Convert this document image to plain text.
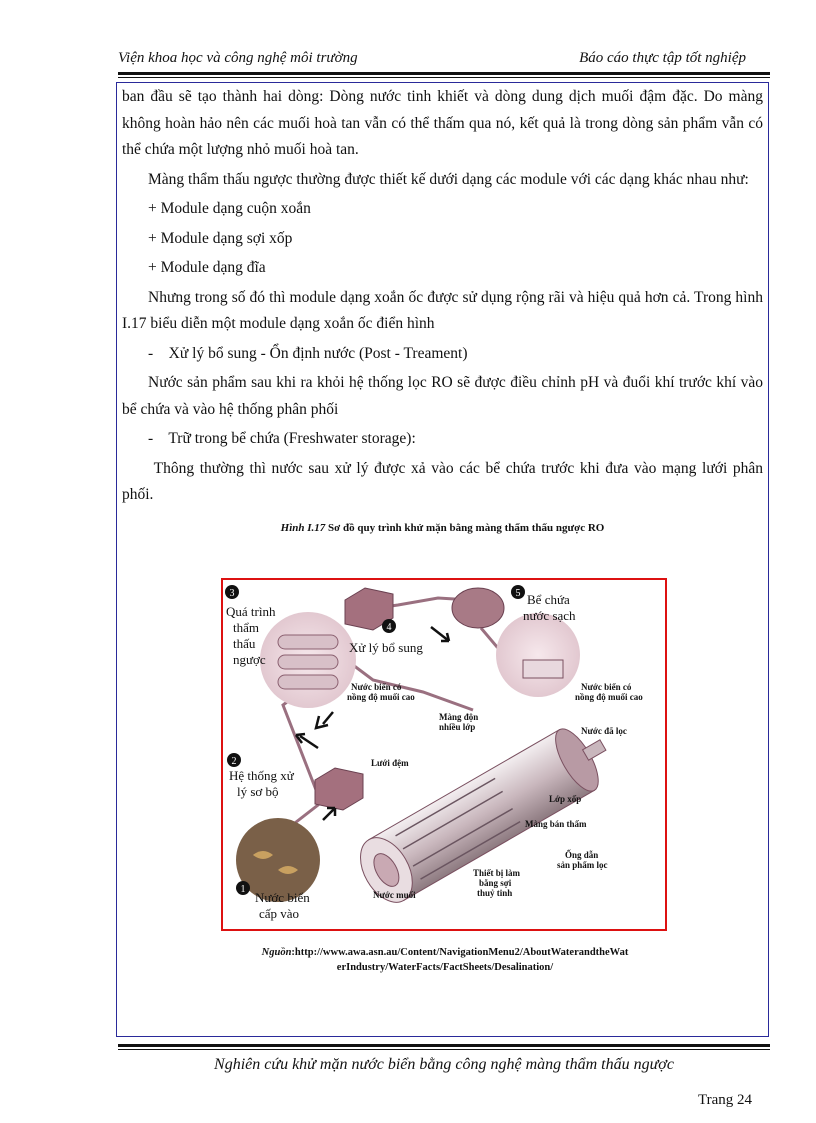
Viện khoa học và công nghệ môi trường	Báo cáo thực tập tốt nghiệp

ban đầu sẽ tạo thành hai dòng: Dòng nước tinh khiết và dòng dung dịch muối đậm đặc. Do màng không hoàn hảo nên các muối hoà tan vẫn có thể thấm qua nó, kết quả là trong dòng sản phẩm vẫn có thể chứa một lượng nhỏ muối hoà tan.

Màng thẩm thấu ngược thường được thiết kế dưới dạng các module với các dạng khác nhau như:

+ Module dạng cuộn xoắn

+ Module dạng sợi xốp

+ Module dạng đĩa

Nhưng trong số đó thì module dạng xoắn ốc được sử dụng rộng rãi và hiệu quả hơn cả. Trong hình I.17 biểu diễn một module dạng xoắn ốc điển hình

-    Xử lý bổ sung - Ổn định nước (Post - Treament)

Nước sản phẩm sau khi ra khỏi hệ thống lọc RO sẽ được điều chỉnh pH và đuổi khí trước khí vào bể chứa và vào hệ thống phân phối

-    Trữ trong bể chứa (Freshwater storage):

Thông thường thì nước sau xử lý được xả vào các bể chứa trước khi đưa vào mạng lưới phân phối.

Hình I.17 Sơ đồ quy trình khử mặn bằng màng thẩm thấu ngược RO
3
4
5
2
1
Quá trình
thẩm
thấu
ngược
Xử lý bổ sung
Bể chứa
nước sạch
Hệ thống xử
lý sơ bộ
Nước biển
cấp vào
Nước biển có
nồng độ muối cao
Nước biển có
nồng độ muối cao
Nước đã lọc
Màng độn
nhiều lớp
Lưới đệm
Lớp xốp
Màng bán thấm
Ống dẫn
sản phẩm lọc
Thiết bị làm
bằng sợi
thuỷ tinh
Nước muối
Nguồn:http://www.awa.asn.au/Content/NavigationMenu2/AboutWaterandtheWat
erIndustry/WaterFacts/FactSheets/Desalination/
Nghiên cứu khử mặn nước biển bằng công nghệ màng thẩm thấu ngược
Trang 24
